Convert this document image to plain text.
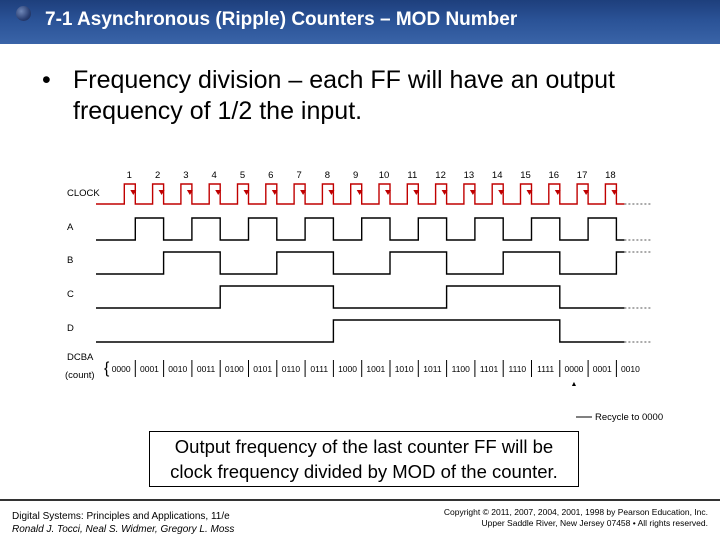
7-1 Asynchronous (Ripple) Counters – MOD Number
• Frequency division – each FF will have an output frequency of 1/2 the input.
1 2 3 4 5 6 7 8 9 10 11 12 13 14 15 16 17 18
CLOCK
A
B
C
D
DCBA
(count) { 0000 0001 0010 0011 0100 0101 0110 0111 1000 1001 1010 1011 1100 1101 1110 1111 0000 0001 0010
▲
Recycle to 0000
Output frequency of the last counter FF will be
clock frequency divided by MOD of the counter.
Digital Systems: Principles and Applications, 11/e
Ronald J. Tocci, Neal S. Widmer, Gregory L. Moss
Copyright © 2011, 2007, 2004, 2001, 1998 by Pearson Education, Inc.
Upper Saddle River, New Jersey 07458 • All rights reserved.
